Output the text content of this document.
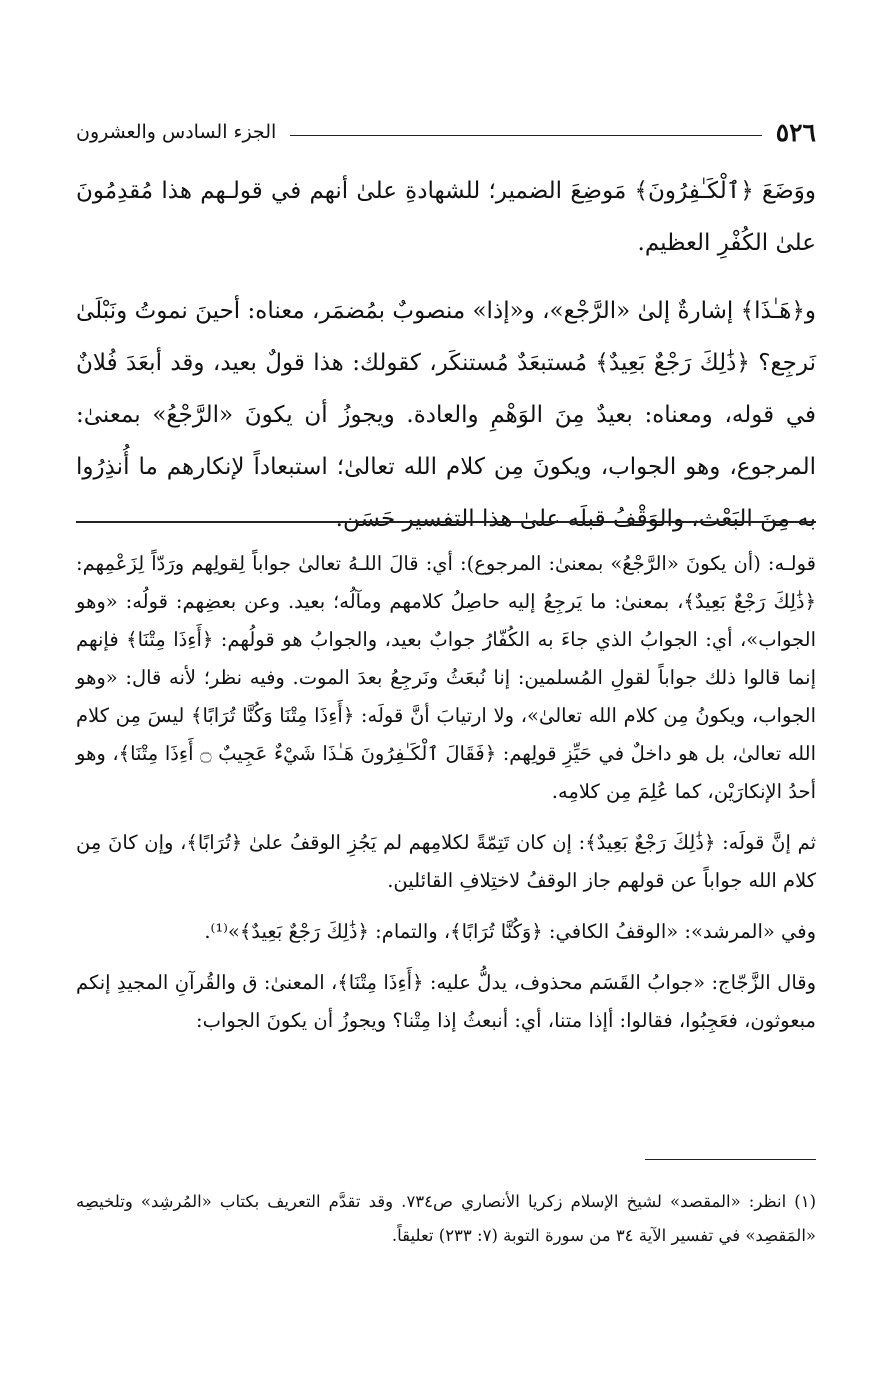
٥٢٦
الجزء السادس والعشرون

ووَضَعَ ﴿ٱلْكَـٰفِرُونَ﴾ مَوضِعَ الضمير؛ للشهادةِ علىٰ أنهم في قولـهم هذا مُقدِمُونَ علىٰ الكُفْرِ العظيم.

و﴿هَـٰذَا﴾ إشارةٌ إلىٰ «الرَّجْع»، و«إذا» منصوبٌ بمُضمَر، معناه: أحينَ نموتُ ونَبْلَىٰ نَرجِع؟ ﴿ذَٰلِكَ رَجْعٌ بَعِيدٌ﴾ مُستبعَدٌ مُستنكَر، كقولك: هذا قولٌ بعيد، وقد أبعَدَ فُلانٌ في قوله، ومعناه: بعيدٌ مِنَ الوَهْمِ والعادة. ويجوزُ أن يكونَ «الرَّجْعُ» بمعنىٰ: المرجوع، وهو الجواب، ويكونَ مِن كلام الله تعالىٰ؛ استبعاداً لإنكارهم ما أُنذِرُوا به مِنَ البَعْث، والوَقْفُ قبلَه علىٰ هذا التفسير حَسَن.

قولـه: (أن يكونَ «الرَّجْعُ» بمعنىٰ: المرجوع): أي: قالَ اللـهُ تعالىٰ جواباً لِقولِهم ورَدّاً لِزَعْمِهم: ﴿ذَٰلِكَ رَجْعٌ بَعِيدٌ﴾، بمعنىٰ: ما يَرجِعُ إليه حاصِلُ كلامهم ومآلُه؛ بعيد. وعن بعضِهم: قولُه: «وهو الجواب»، أي: الجوابُ الذي جاءَ به الكُفّارُ جوابٌ بعيد، والجوابُ هو قولُهم: ﴿أَءِذَا مِتْنَا﴾ فإنهم إنما قالوا ذلك جواباً لقولِ المُسلمين: إنا نُبعَثُ ونَرجِعُ بعدَ الموت. وفيه نظر؛ لأنه قال: «وهو الجواب، ويكونُ مِن كلام الله تعالىٰ»، ولا ارتيابَ أنَّ قولَه: ﴿أَءِذَا مِتْنَا وَكُنَّا تُرَابًا﴾ ليسَ مِن كلام الله تعالىٰ، بل هو داخلٌ في حَيِّزِ قولِهم: ﴿فَقَالَ ٱلْكَـٰفِرُونَ هَـٰذَا شَيْءٌ عَجِيبٌ ۝ أَءِذَا مِتْنَا﴾، وهو أحدُ الإنكارَيْن، كما عُلِمَ مِن كلامِه.

ثم إنَّ قولَه: ﴿ذَٰلِكَ رَجْعٌ بَعِيدٌ﴾: إن كان تَتِمّةً لكلامِهم لم يَجُزِ الوقفُ علىٰ ﴿تُرَابًا﴾، وإن كانَ مِن كلام الله جواباً عن قولهم جاز الوقفُ لاختِلافِ القائلين.

وفي «المرشد»: «الوقفُ الكافي: ﴿وَكُنَّا تُرَابًا﴾، والتمام: ﴿ذَٰلِكَ رَجْعٌ بَعِيدٌ﴾»⁽¹⁾.

وقال الزَّجّاج: «جوابُ القَسَم محذوف، يدلُّ عليه: ﴿أَءِذَا مِتْنَا﴾، المعنىٰ: ق والقُرآنِ المجيدِ إنكم مبعوثون، فعَجِبُوا، فقالوا: أإذا متنا، أي: أنبعثُ إذا مِتْنا؟ ويجوزُ أن يكونَ الجواب:

(١) انظر: «المقصد» لشيخ الإسلام زكريا الأنصاري ص٧٣٤. وقد تقدَّم التعريف بكتاب «المُرشِد» وتلخيصِه «المَقصِد» في تفسير الآية ٣٤ من سورة التوبة (٧: ٢٣٣) تعليقاً.
